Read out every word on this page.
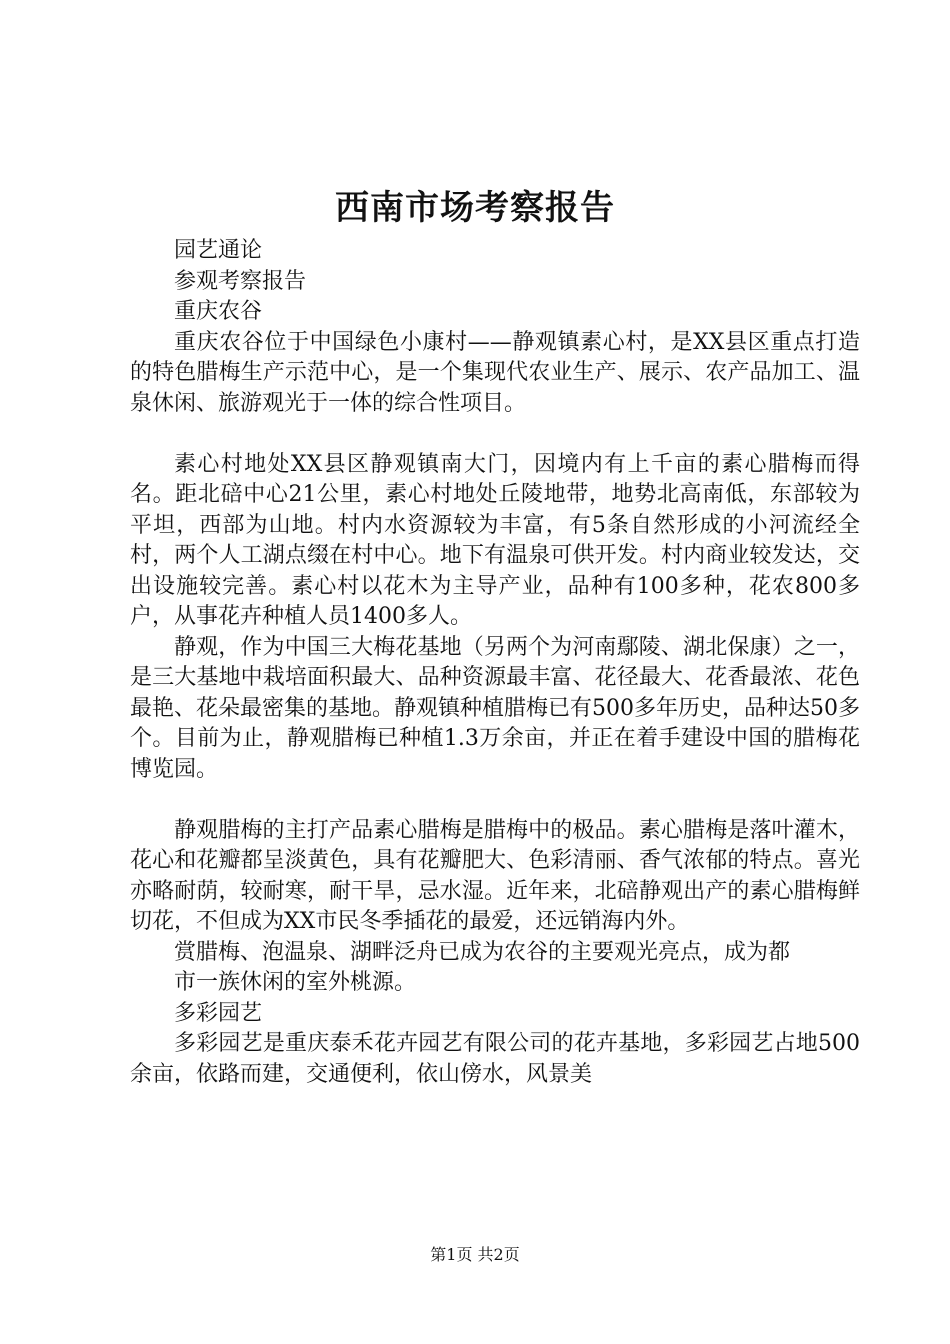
西南市场考察报告

园艺通论

参观考察报告

重庆农谷

重庆农谷位于中国绿色小康村——静观镇素心村，是XX县区重点打造的特色腊梅生产示范中心，是一个集现代农业生产、展示、农产品加工、温泉休闲、旅游观光于一体的综合性项目。

素心村地处XX县区静观镇南大门，因境内有上千亩的素心腊梅而得名。距北碚中心21公里，素心村地处丘陵地带，地势北高南低，东部较为平坦，西部为山地。村内水资源较为丰富，有5条自然形成的小河流经全村，两个人工湖点缀在村中心。地下有温泉可供开发。村内商业较发达，交出设施较完善。素心村以花木为主导产业，品种有100多种，花农800多户，从事花卉种植人员1400多人。

静观，作为中国三大梅花基地（另两个为河南鄢陵、湖北保康）之一，是三大基地中栽培面积最大、品种资源最丰富、花径最大、花香最浓、花色最艳、花朵最密集的基地。静观镇种植腊梅已有500多年历史，品种达50多个。目前为止，静观腊梅已种植1.3万余亩，并正在着手建设中国的腊梅花博览园。

静观腊梅的主打产品素心腊梅是腊梅中的极品。素心腊梅是落叶灌木，花心和花瓣都呈淡黄色，具有花瓣肥大、色彩清丽、香气浓郁的特点。喜光亦略耐荫，较耐寒，耐干旱，忌水湿。近年来，北碚静观出产的素心腊梅鲜切花，不但成为XX市民冬季插花的最爱，还远销海内外。

赏腊梅、泡温泉、湖畔泛舟已成为农谷的主要观光亮点，成为都

市一族休闲的室外桃源。

多彩园艺

多彩园艺是重庆泰禾花卉园艺有限公司的花卉基地，多彩园艺占地500余亩，依路而建，交通便利，依山傍水，风景美

第1页 共2页
